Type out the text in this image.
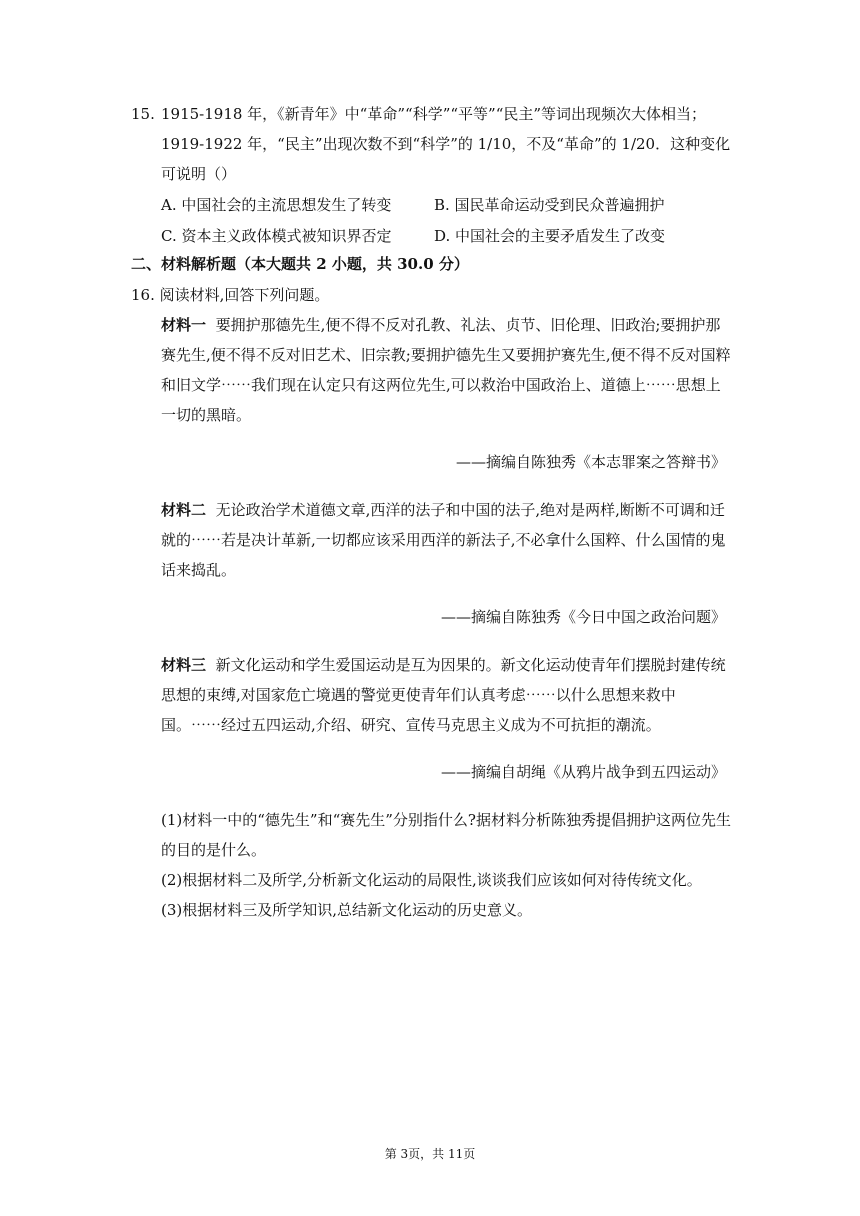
15. 1915-1918 年，《新青年》中“革命”“科学”“平等”“民主”等词出现频次大体相当；1919-1922 年，“民主”出现次数不到“科学”的 1/10，不及“革命”的 1/20．这种变化可说明（）
A. 中国社会的主流思想发生了转变	B. 国民革命运动受到民众普遍拥护
C. 资本主义政体模式被知识界否定	D. 中国社会的主要矛盾发生了改变
二、材料解析题（本大题共 2 小题，共 30.0 分）
16. 阅读材料,回答下列问题。
材料一 要拥护那德先生,便不得不反对孔教、礼法、贞节、旧伦理、旧政治;要拥护那赛先生,便不得不反对旧艺术、旧宗教;要拥护德先生又要拥护赛先生,便不得不反对国粹和旧文学⋯⋯我们现在认定只有这两位先生,可以救治中国政治上、道德上⋯⋯思想上一切的黑暗。
——摘编自陈独秀《本志罪案之答辩书》
材料二 无论政治学术道德文章,西洋的法子和中国的法子,绝对是两样,断断不可调和迁就的⋯⋯若是决计革新,一切都应该采用西洋的新法子,不必拿什么国粹、什么国情的鬼话来捣乱。
——摘编自陈独秀《今日中国之政治问题》
材料三 新文化运动和学生爱国运动是互为因果的。新文化运动使青年们摆脱封建传统思想的束缚,对国家危亡境遇的警觉更使青年们认真考虑⋯⋯以什么思想来救中国。⋯⋯经过五四运动,介绍、研究、宣传马克思主义成为不可抗拒的潮流。
——摘编自胡绳《从鸦片战争到五四运动》
(1)材料一中的“德先生”和“赛先生”分别指什么?据材料分析陈独秀提倡拥护这两位先生的目的是什么。
(2)根据材料二及所学,分析新文化运动的局限性,谈谈我们应该如何对待传统文化。
(3)根据材料三及所学知识,总结新文化运动的历史意义。
第 3页，共 11页
